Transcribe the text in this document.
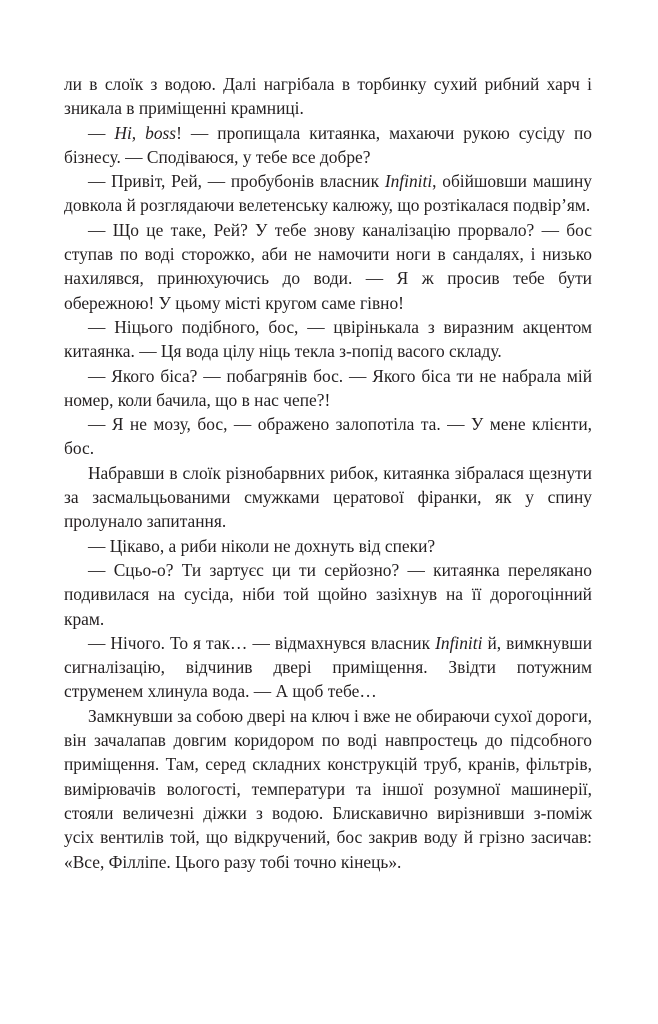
ли в слоїк з водою. Далі нагрібала в торбинку сухий рибний харч і зникала в приміщенні крамниці.

— Hi, boss! — пропищала китаянка, махаючи рукою сусіду по бізнесу. — Сподіваюся, у тебе все добре?

— Привіт, Рей, — пробубонів власник Infiniti, обійшовши машину довкола й розглядаючи велетенську калюжу, що розтікалася подвір’ям.

— Що це таке, Рей? У тебе знову каналізацію прорвало? — бос ступав по воді сторожко, аби не намочити ноги в сандалях, і низько нахилявся, принюхуючись до води. — Я ж просив тебе бути обережною! У цьому місті кругом саме гівно!

— Ніцього подібного, бос, — цвірінькала з виразним акцентом китаянка. — Ця вода цілу ніць текла з-попід васого складу.

— Якого біса? — побагрянів бос. — Якого біса ти не набрала мій номер, коли бачила, що в нас чепе?!

— Я не мозу, бос, — ображено залопотіла та. — У мене клієнти, бос.

Набравши в слоїк різнобарвних рибок, китаянка зібралася щезнути за засмальцьованими смужками цератової фіранки, як у спину пролунало запитання.

— Цікаво, а риби ніколи не дохнуть від спеки?

— Сцьо-о? Ти зартуєс ци ти серйозно? — китаянка перелякано подивилася на сусіда, ніби той щойно зазіхнув на її дорогоцінний крам.

— Нічого. То я так… — відмахнувся власник Infiniti й, вимкнувши сигналізацію, відчинив двері приміщення. Звідти потужним струменем хлинула вода. — А щоб тебе…

Замкнувши за собою двері на ключ і вже не обираючи сухої дороги, він зачалапав довгим коридором по воді навпростець до підсобного приміщення. Там, серед складних конструкцій труб, кранів, фільтрів, вимірювачів вологості, температури та іншої розумної машинерії, стояли величезні діжки з водою. Блискавично вирізнивши з-поміж усіх вентилів той, що відкручений, бос закрив воду й грізно засичав: «Все, Філліпе. Цього разу тобі точно кінець».
